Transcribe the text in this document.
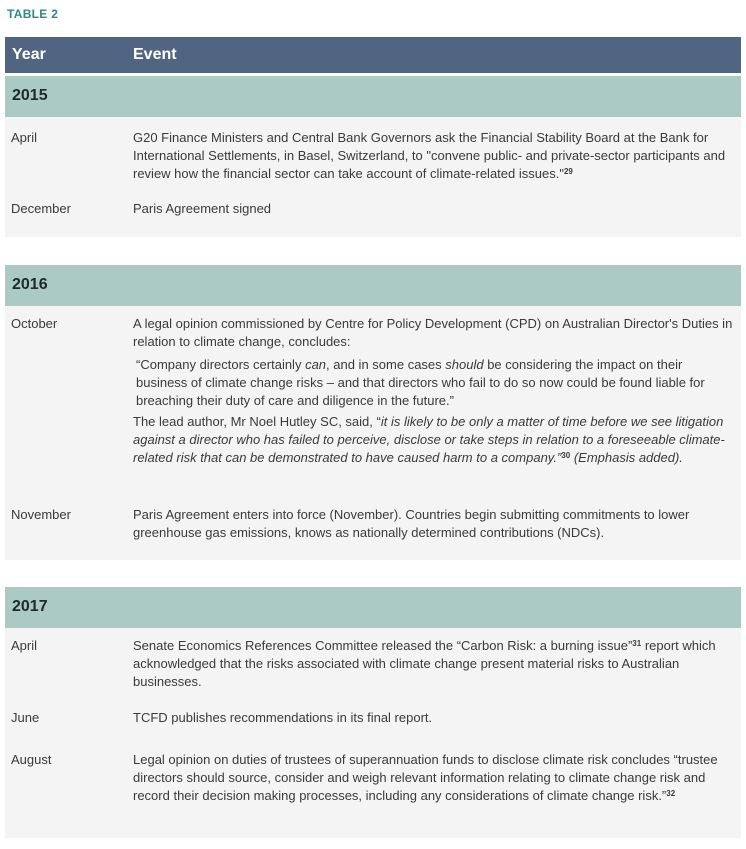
TABLE 2
Year	Event
2015
April	G20 Finance Ministers and Central Bank Governors ask the Financial Stability Board at the Bank for International Settlements, in Basel, Switzerland, to "convene public- and private-sector participants and review how the financial sector can take account of climate-related issues."$^{29}$
December	Paris Agreement signed
2016
October	A legal opinion commissioned by Centre for Policy Development (CPD) on Australian Director's Duties in relation to climate change, concludes:

“Company directors certainly can, and in some cases should be considering the impact on their business of climate change risks – and that directors who fail to do so now could be found liable for breaching their duty of care and diligence in the future.”

The lead author, Mr Noel Hutley SC, said, “it is likely to be only a matter of time before we see litigation against a director who has failed to perceive, disclose or take steps in relation to a foreseeable climate-related risk that can be demonstrated to have caused harm to a company.”$^{30}$ (Emphasis added).

November	Paris Agreement enters into force (November). Countries begin submitting commitments to lower greenhouse gas emissions, knows as nationally determined contributions (NDCs).
2017
April	Senate Economics References Committee released the “Carbon Risk: a burning issue”$^{31}$ report which acknowledged that the risks associated with climate change present material risks to Australian businesses.
June	TCFD publishes recommendations in its final report.
August	Legal opinion on duties of trustees of superannuation funds to disclose climate risk concludes “trustee directors should source, consider and weigh relevant information relating to climate change risk and record their decision making processes, including any considerations of climate change risk.”$^{32}$
